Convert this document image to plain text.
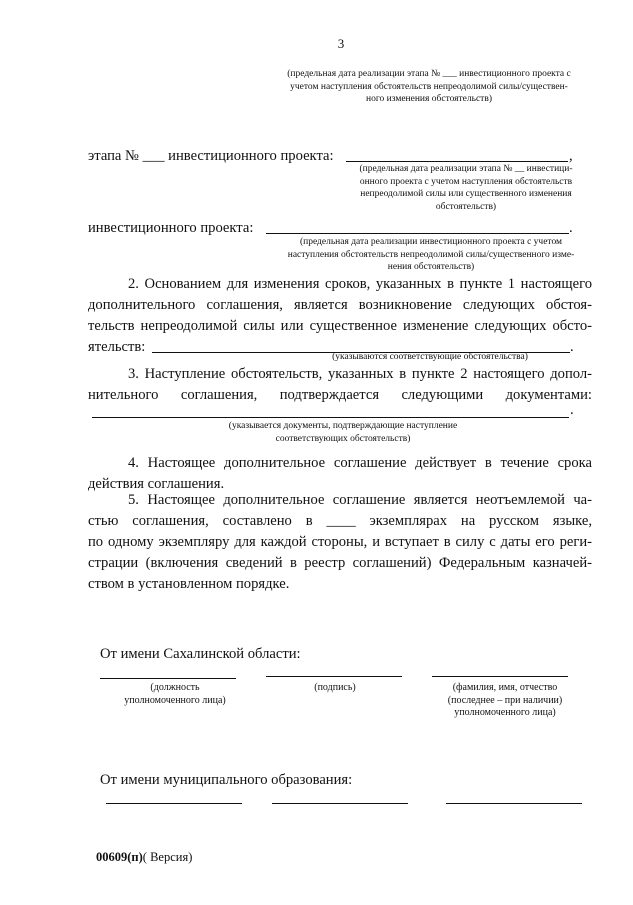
3
(предельная дата реализации этапа № ___ инвестиционного проекта с
учетом наступления обстоятельств непреодолимой силы/существен-
ного изменения обстоятельств)
этапа № ___ инвестиционного проекта:	,
(предельная дата реализации этапа № __ инвестици-
онного проекта с учетом наступления обстоятельств
непреодолимой силы или существенного изменения
обстоятельств)
инвестиционного проекта:	.
(предельная дата реализации инвестиционного проекта с учетом
наступления обстоятельств непреодолимой силы/существенного изме-
нения обстоятельств)
2. Основанием для изменения сроков, указанных в пункте 1 настоящего
дополнительного соглашения, является возникновение следующих обстоя-
тельств непреодолимой силы или существенное изменение следующих обсто-
ятельств:	.
(указываются соответствующие обстоятельства)
3. Наступление обстоятельств, указанных в пункте 2 настоящего допол-
нительного соглашения, подтверждается следующими документами:
.
(указывается документы, подтверждающие наступление
соответствующих обстоятельств)
4. Настоящее дополнительное соглашение действует в течение срока
действия соглашения.
5. Настоящее дополнительное соглашение является неотъемлемой ча-
стью соглашения, составлено в ____ экземплярах на русском языке,
по одному экземпляру для каждой стороны, и вступает в силу с даты его реги-
страции (включения сведений в реестр соглашений) Федеральным казначей-
ством в установленном порядке.
От имени Сахалинской области:
(должность
уполномоченного лица)
(подпись)	(фамилия, имя, отчество
(последнее – при наличии)
уполномоченного лица)
От имени муниципального образования:
00609(п)( Версия)
